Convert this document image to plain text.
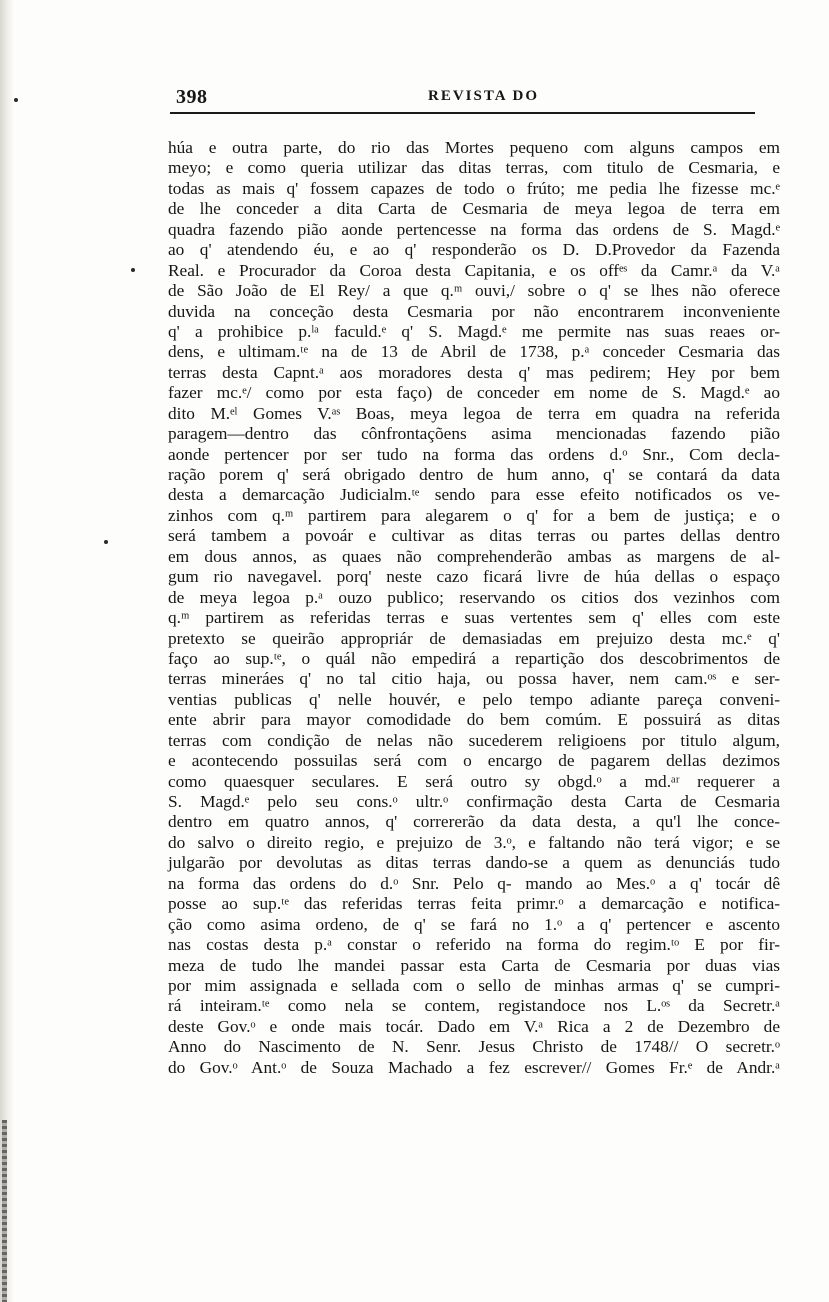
398	REVISTA DO
húa e outra parte, do rio das Mortes pequeno com alguns campos em
meyo; e como queria utilizar das ditas terras, com titulo de Cesmaria, e
todas as mais q' fossem capazes de todo o frúto; me pedia lhe fizesse mc.ᵉ
de lhe conceder a dita Carta de Cesmaria de meya legoa de terra em
quadra fazendo pião aonde pertencesse na forma das ordens de S. Magd.ᵉ
ao q' atendendo éu, e ao q' responderão os D. D.Provedor da Fazenda
Real. e Procurador da Coroa desta Capitania, e os offᵉˢ da Camr.ᵃ da V.ᵃ
de São João de El Rey/ a que q.ᵐ ouvi,/ sobre o q' se lhes não oferece
duvida na conceção desta Cesmaria por não encontrarem inconveniente
q' a prohibice p.ˡᵃ faculd.ᵉ q' S. Magd.ᵉ me permite nas suas reaes or-
dens, e ultimam.ᵗᵉ na de 13 de Abril de 1738, p.ᵃ conceder Cesmaria das
terras desta Capnt.ᵃ aos moradores desta q' mas pedirem; Hey por bem
fazer mc.ᵉ/ como por esta faço) de conceder em nome de S. Magd.ᵉ ao
dito M.ᵉˡ Gomes V.ᵃˢ Boas, meya legoa de terra em quadra na referida
paragem—dentro das cônfrontaçõens asima mencionadas fazendo pião
aonde pertencer por ser tudo na forma das ordens d.ᵒ Snr., Com decla-
ração porem q' será obrigado dentro de hum anno, q' se contará da data
desta a demarcação Judicialm.ᵗᵉ sendo para esse efeito notificados os ve-
zinhos com q.ᵐ partirem para alegarem o q' for a bem de justiça; e o
será tambem a povoár e cultivar as ditas terras ou partes dellas dentro
em dous annos, as quaes não comprehenderão ambas as margens de al-
gum rio navegavel. porq' neste cazo ficará livre de húa dellas o espaço
de meya legoa p.ᵃ ouzo publico; reservando os citios dos vezinhos com
q.ᵐ partirem as referidas terras e suas vertentes sem q' elles com este
pretexto se queirão appropriár de demasiadas em prejuizo desta mc.ᵉ q'
faço ao sup.ᵗᵉ, o quál não empedirá a repartição dos descobrimentos de
terras mineráes q' no tal citio haja, ou possa haver, nem cam.ᵒˢ e ser-
ventias publicas q' nelle houvér, e pelo tempo adiante pareça conveni-
ente abrir para mayor comodidade do bem comúm. E possuirá as ditas
terras com condição de nelas não sucederem religioens por titulo algum,
e acontecendo possuilas será com o encargo de pagarem dellas dezimos
como quaesquer seculares. E será outro sy obgd.ᵒ a md.ᵃʳ requerer a
S. Magd.ᵉ pelo seu cons.ᵒ ultr.ᵒ confirmação desta Carta de Cesmaria
dentro em quatro annos, q' corrererão da data desta, a qu'l lhe conce-
do salvo o direito regio, e prejuizo de 3.ᵒ, e faltando não terá vigor; e se
julgarão por devolutas as ditas terras dando-se a quem as denunciás tudo
na forma das ordens do d.ᵒ Snr. Pelo q- mando ao Mes.ᵒ a q' tocár dê
posse ao sup.ᵗᵉ das referidas terras feita primr.ᵒ a demarcação e notifica-
ção como asima ordeno, de q' se fará no 1.ᵒ a q' pertencer e ascento
nas costas desta p.ᵃ constar o referido na forma do regim.ᵗᵒ E por fir-
meza de tudo lhe mandei passar esta Carta de Cesmaria por duas vias
por mim assignada e sellada com o sello de minhas armas q' se cumpri-
rá inteiram.ᵗᵉ como nela se contem, registandoce nos L.ᵒˢ da Secretr.ᵃ
deste Gov.ᵒ e onde mais tocár. Dado em V.ᵃ Rica a 2 de Dezembro de
Anno do Nascimento de N. Senr. Jesus Christo de 1748// O secretr.ᵒ
do Gov.ᵒ Ant.ᵒ de Souza Machado a fez escrever// Gomes Fr.ᵉ de Andr.ᵃ
